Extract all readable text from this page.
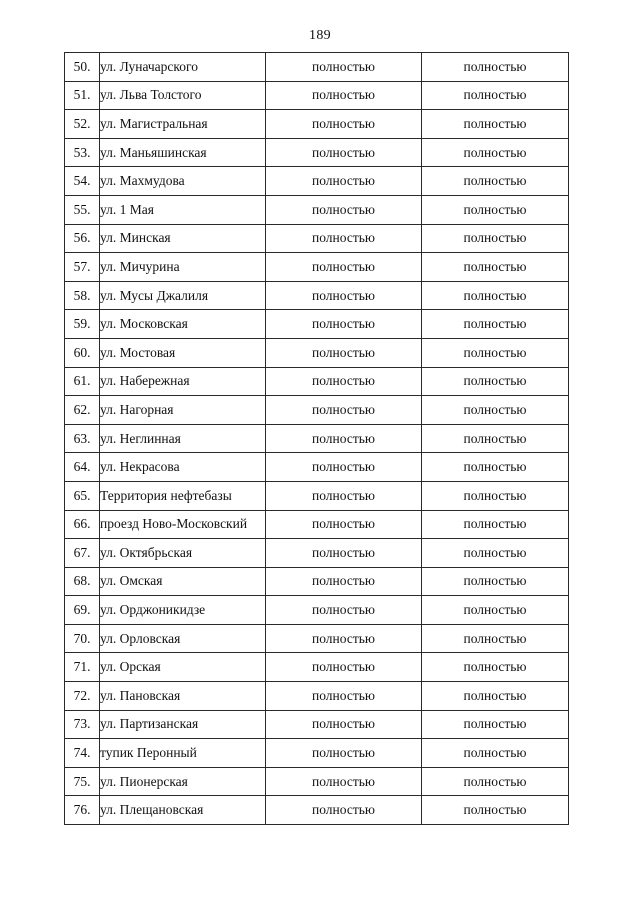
189
50.	ул. Луначарского	полностью	полностью
51.	ул. Льва Толстого	полностью	полностью
52.	ул. Магистральная	полностью	полностью
53.	ул. Маньяшинская	полностью	полностью
54.	ул. Махмудова	полностью	полностью
55.	ул. 1 Мая	полностью	полностью
56.	ул. Минская	полностью	полностью
57.	ул. Мичурина	полностью	полностью
58.	ул. Мусы Джалиля	полностью	полностью
59.	ул. Московская	полностью	полностью
60.	ул. Мостовая	полностью	полностью
61.	ул. Набережная	полностью	полностью
62.	ул. Нагорная	полностью	полностью
63.	ул. Неглинная	полностью	полностью
64.	ул. Некрасова	полностью	полностью
65.	Территория нефтебазы	полностью	полностью
66.	проезд Ново-Московский	полностью	полностью
67.	ул. Октябрьская	полностью	полностью
68.	ул. Омская	полностью	полностью
69.	ул. Орджоникидзе	полностью	полностью
70.	ул. Орловская	полностью	полностью
71.	ул. Орская	полностью	полностью
72.	ул. Пановская	полностью	полностью
73.	ул. Партизанская	полностью	полностью
74.	тупик Перонный	полностью	полностью
75.	ул. Пионерская	полностью	полностью
76.	ул. Плещановская	полностью	полностью
